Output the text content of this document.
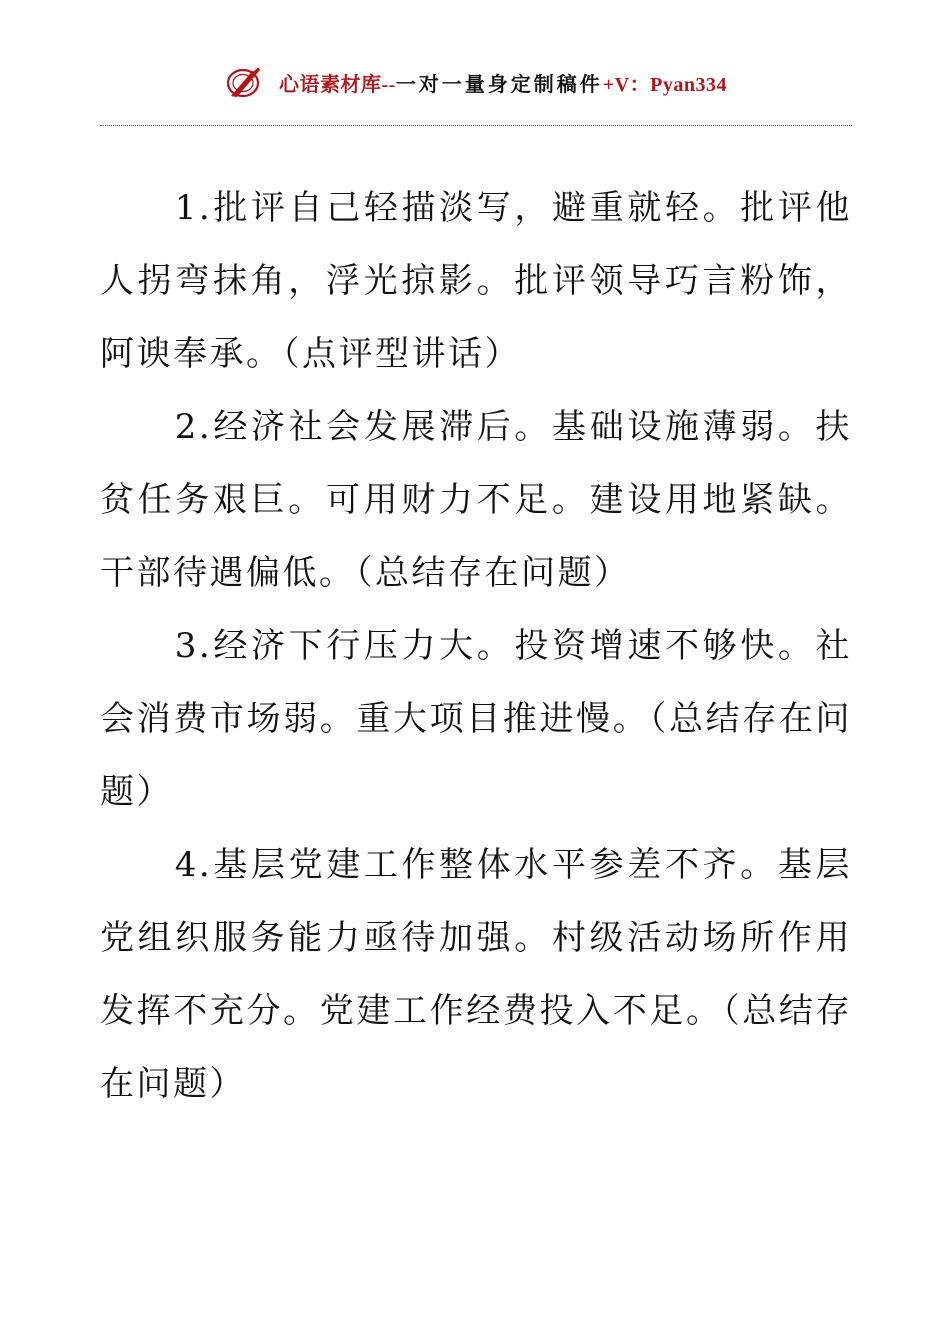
心语素材库--一对一量身定制稿件+V：Pyan334

1.批评自己轻描淡写，避重就轻。批评他人拐弯抹角，浮光掠影。批评领导巧言粉饰，阿谀奉承。（点评型讲话）

2.经济社会发展滞后。基础设施薄弱。扶贫任务艰巨。可用财力不足。建设用地紧缺。干部待遇偏低。（总结存在问题）

3.经济下行压力大。投资增速不够快。社会消费市场弱。重大项目推进慢。（总结存在问题）

4.基层党建工作整体水平参差不齐。基层党组织服务能力亟待加强。村级活动场所作用发挥不充分。党建工作经费投入不足。（总结存在问题）
